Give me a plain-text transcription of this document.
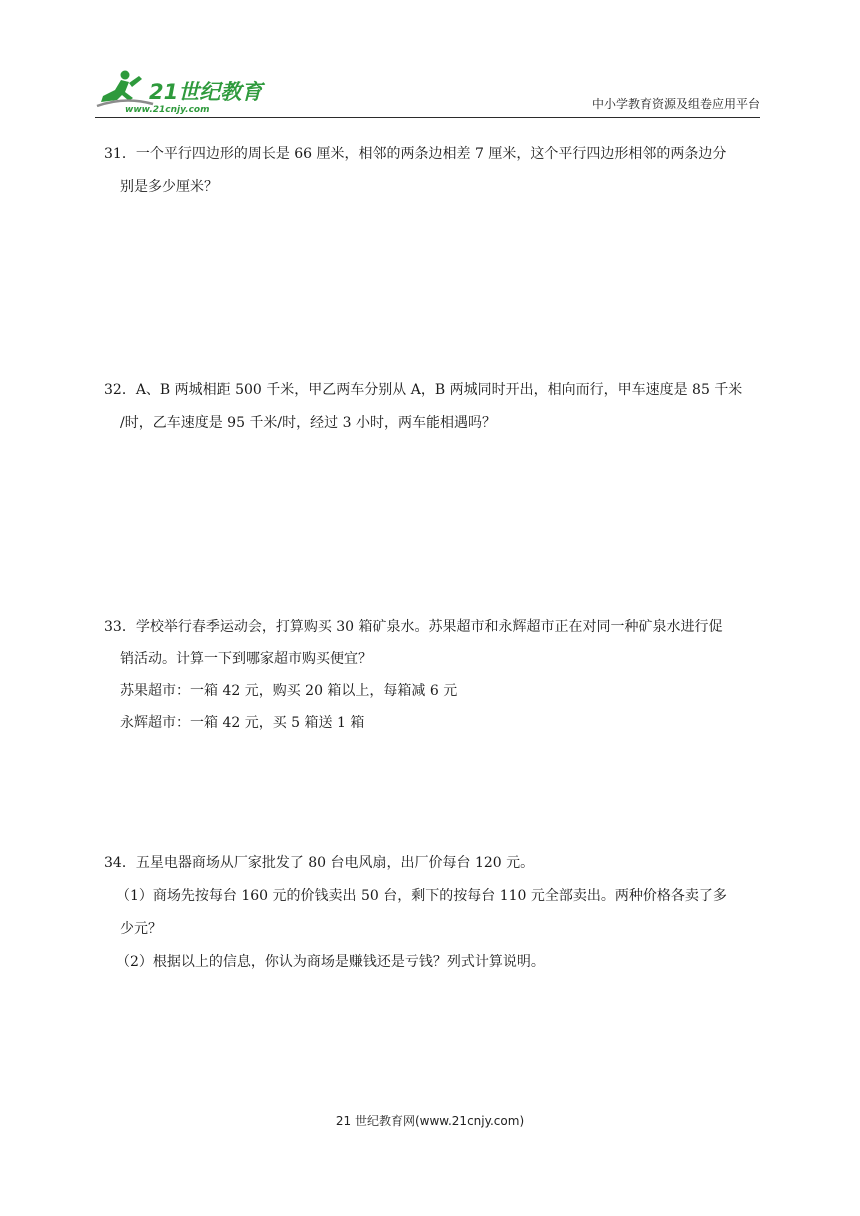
21世纪教育
www.21cnjy.com	中小学教育资源及组卷应用平台
31．一个平行四边形的周长是 66 厘米，相邻的两条边相差 7 厘米，这个平行四边形相邻的两条边分
别是多少厘米？
32．A、B 两城相距 500 千米，甲乙两车分别从 A，B 两城同时开出，相向而行，甲车速度是 85 千米
/时，乙车速度是 95 千米/时，经过 3 小时，两车能相遇吗？
33．学校举行春季运动会，打算购买 30 箱矿泉水。苏果超市和永辉超市正在对同一种矿泉水进行促
销活动。计算一下到哪家超市购买便宜？
苏果超市：一箱 42 元，购买 20 箱以上，每箱减 6 元
永辉超市：一箱 42 元，买 5 箱送 1 箱
34．五星电器商场从厂家批发了 80 台电风扇，出厂价每台 120 元。
（1）商场先按每台 160 元的价钱卖出 50 台，剩下的按每台 110 元全部卖出。两种价格各卖了多
少元？
（2）根据以上的信息，你认为商场是赚钱还是亏钱？列式计算说明。
21 世纪教育网(www.21cnjy.com)
